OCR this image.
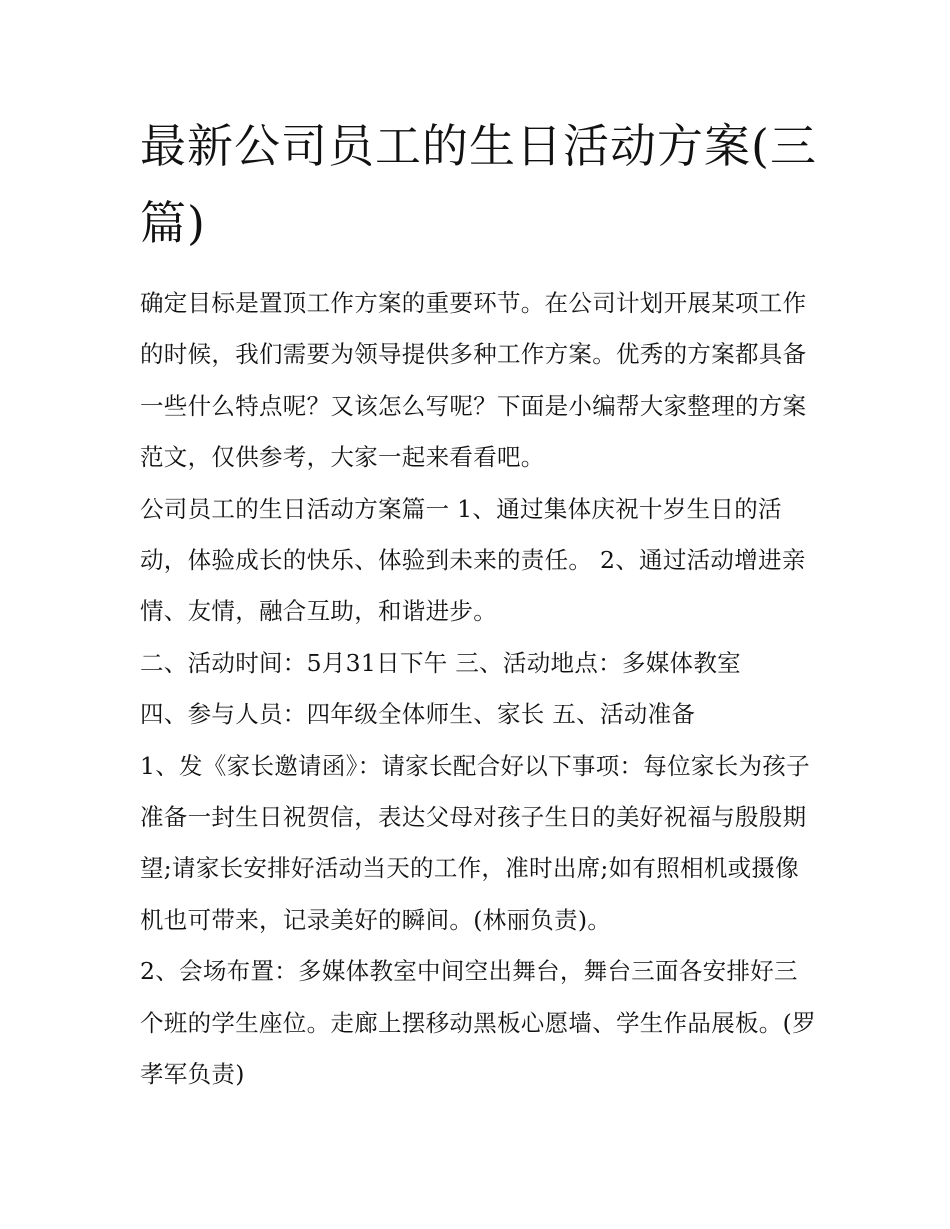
最新公司员工的生日活动方案(三篇)

确定目标是置顶工作方案的重要环节。在公司计划开展某项工作的时候，我们需要为领导提供多种工作方案。优秀的方案都具备一些什么特点呢？又该怎么写呢？下面是小编帮大家整理的方案范文，仅供参考，大家一起来看看吧。

公司员工的生日活动方案篇一 1、通过集体庆祝十岁生日的活动，体验成长的快乐、体验到未来的责任。 2、通过活动增进亲情、友情，融合互助，和谐进步。

二、活动时间：5月31日下午 三、活动地点：多媒体教室

四、参与人员：四年级全体师生、家长 五、活动准备

1、发《家长邀请函》：请家长配合好以下事项：每位家长为孩子准备一封生日祝贺信，表达父母对孩子生日的美好祝福与殷殷期望;请家长安排好活动当天的工作，准时出席;如有照相机或摄像机也可带来，记录美好的瞬间。(林丽负责)。

2、会场布置：多媒体教室中间空出舞台，舞台三面各安排好三个班的学生座位。走廊上摆移动黑板心愿墙、学生作品展板。(罗孝军负责)
